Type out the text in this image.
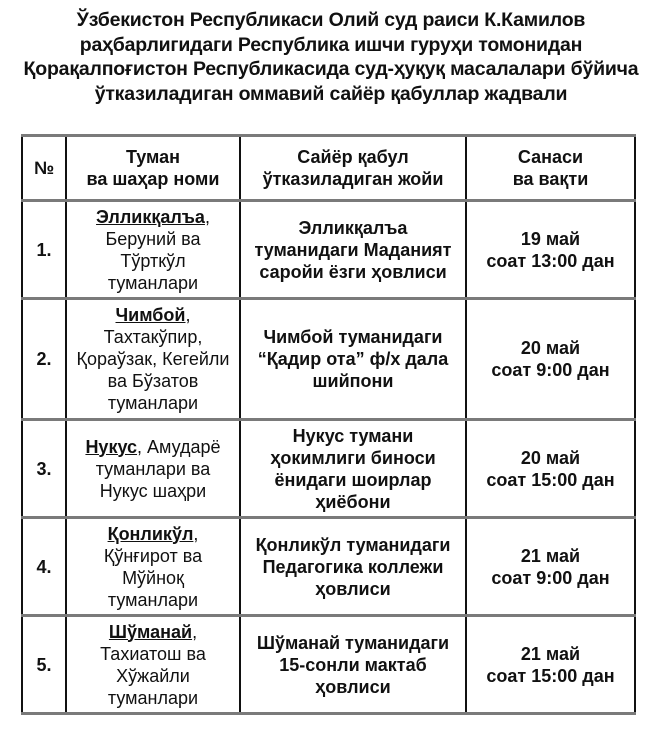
Ўзбекистон Республикаси Олий суд раиси К.Камилов
раҳбарлигидаги Республика ишчи гуруҳи томонидан
Қорақалпоғистон Республикасида суд-ҳуқуқ масалалари бўйича
ўтказиладиган оммавий сайёр қабуллар жадвали
№	Туман
ва шаҳар номи	Сайёр қабул
ўтказиладиган жойи	Санаси
ва вақти

1.	Элликқалъа,
Беруний ва
Тўрткўл
туманлари	Элликқалъа
туманидаги Маданият
саройи ёзги ҳовлиси	19 май
соат 13:00 дан

2.	Чимбой,
Тахтакўпир,
Қораўзак, Кегейли
ва Бўзатов
туманлари	Чимбой туманидаги
“Қадир ота” ф/х дала
шийпони	20 май
соат 9:00 дан

3.	Нукус, Амударё
туманлари ва
Нукус шаҳри	Нукус тумани
ҳокимлиги биноси
ёнидаги шоирлар
ҳиёбони	20 май
соат 15:00 дан

4.	Қонликўл,
Қўнғирот ва
Мўйноқ
туманлари	Қонликўл туманидаги
Педагогика коллежи
ҳовлиси	21 май
соат 9:00 дан

5.	Шўманай,
Тахиатош ва
Хўжайли
туманлари	Шўманай туманидаги
15-сонли мактаб
ҳовлиси	21 май
соат 15:00 дан
